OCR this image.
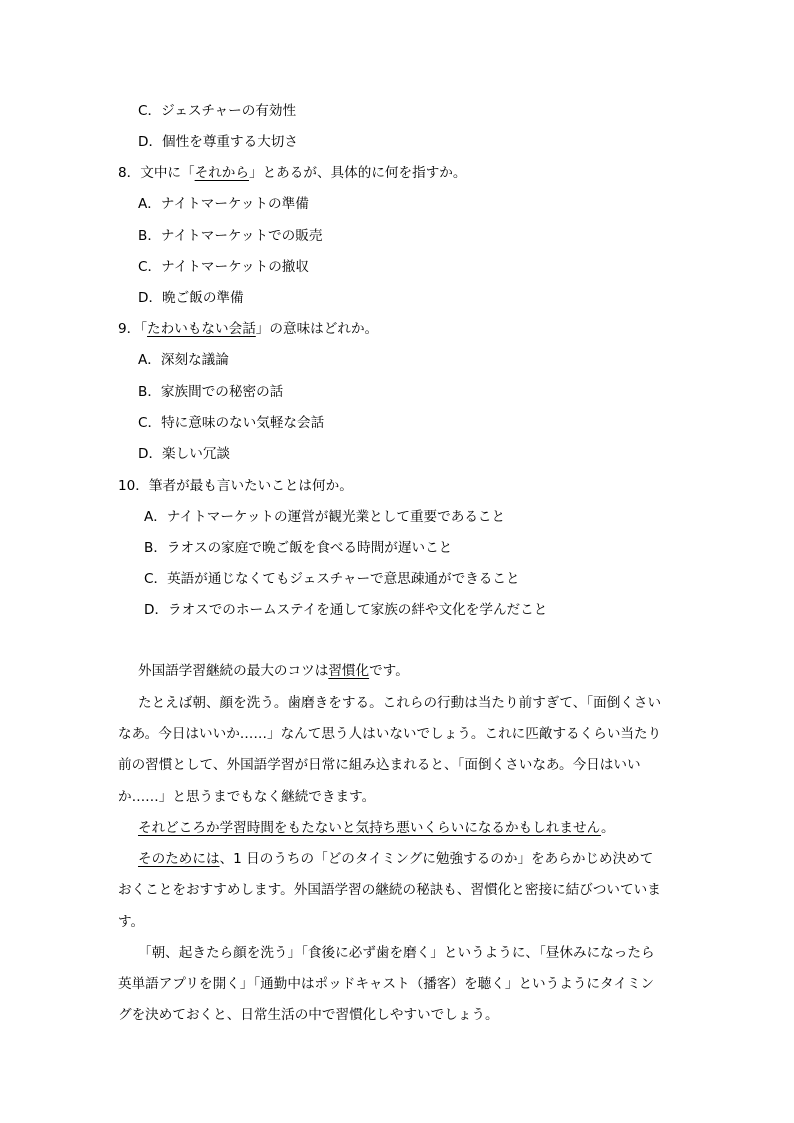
C．ジェスチャーの有効性
D．個性を尊重する大切さ
8．文中に「それから」とあるが、具体的に何を指すか。
A．ナイトマーケットの準備
B．ナイトマーケットでの販売
C．ナイトマーケットの撤収
D．晩ご飯の準備
9．「たわいもない会話」の意味はどれか。
A．深刻な議論
B．家族間での秘密の話
C．特に意味のない気軽な会話
D．楽しい冗談
10．筆者が最も言いたいことは何か。
A．ナイトマーケットの運営が観光業として重要であること
B．ラオスの家庭で晩ご飯を食べる時間が遅いこと
C．英語が通じなくてもジェスチャーで意思疎通ができること
D．ラオスでのホームステイを通して家族の絆や文化を学んだこと
外国語学習継続の最大のコツは習慣化です。
たとえば朝、顔を洗う。歯磨きをする。これらの行動は当たり前すぎて、「面倒くさい
なあ。今日はいいか……」なんて思う人はいないでしょう。これに匹敵するくらい当たり
前の習慣として、外国語学習が日常に組み込まれると、「面倒くさいなあ。今日はいい
か……」と思うまでもなく継続できます。
それどころか学習時間をもたないと気持ち悪いくらいになるかもしれません。
そのためには、1 日のうちの「どのタイミングに勉強するのか」をあらかじめ決めて
おくことをおすすめします。外国語学習の継続の秘訣も、習慣化と密接に結びついていま
す。
「朝、起きたら顔を洗う」「食後に必ず歯を磨く」というように、「昼休みになったら
英単語アプリを開く」「通勤中はポッドキャスト（播客）を聴く」というようにタイミン
グを決めておくと、日常生活の中で習慣化しやすいでしょう。
